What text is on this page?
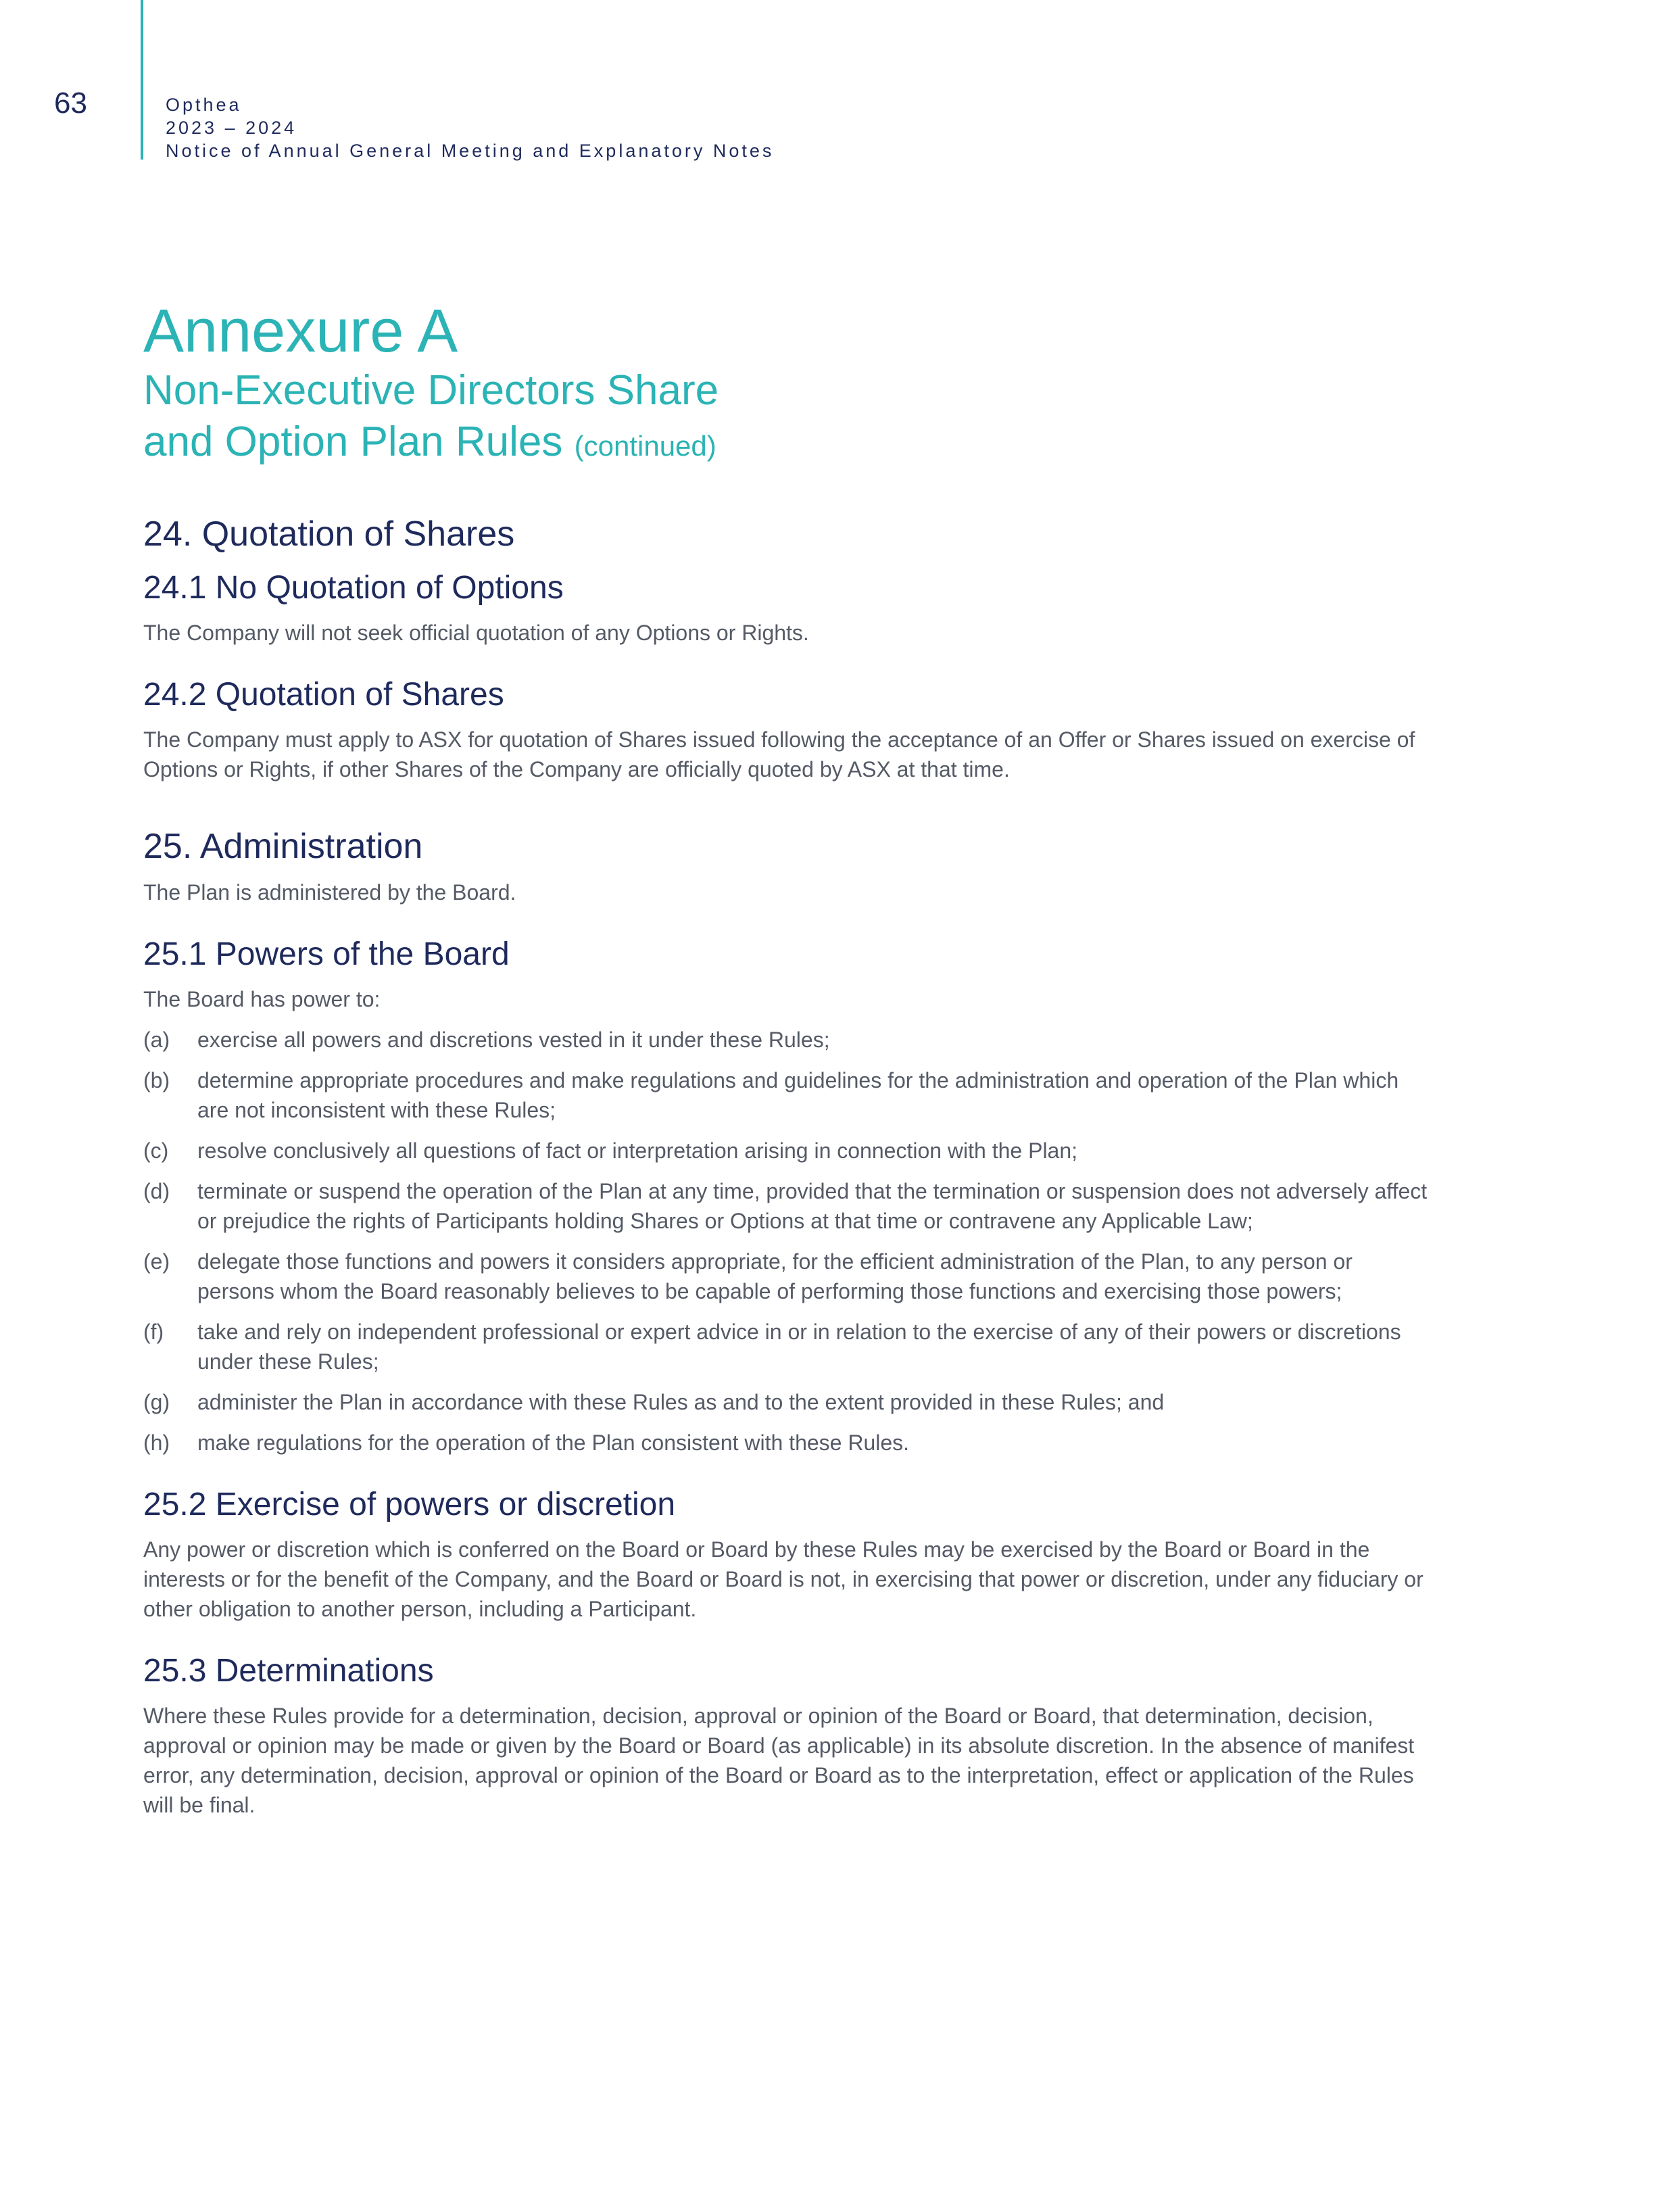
63	Opthea
2023 – 2024
Notice of Annual General Meeting and Explanatory Notes
Annexure A
Non-Executive Directors Share
and Option Plan Rules (continued)
24. Quotation of Shares
24.1 No Quotation of Options

The Company will not seek official quotation of any Options or Rights.

24.2 Quotation of Shares

The Company must apply to ASX for quotation of Shares issued following the acceptance of an Offer or Shares issued on exercise of Options or Rights, if other Shares of the Company are officially quoted by ASX at that time.

25. Administration

The Plan is administered by the Board.

25.1 Powers of the Board

The Board has power to:

(a)	exercise all powers and discretions vested in it under these Rules;
(b)	determine appropriate procedures and make regulations and guidelines for the administration and operation of the Plan which are not inconsistent with these Rules;
(c)	resolve conclusively all questions of fact or interpretation arising in connection with the Plan;
(d)	terminate or suspend the operation of the Plan at any time, provided that the termination or suspension does not adversely affect or prejudice the rights of Participants holding Shares or Options at that time or contravene any Applicable Law;
(e)	delegate those functions and powers it considers appropriate, for the efficient administration of the Plan, to any person or persons whom the Board reasonably believes to be capable of performing those functions and exercising those powers;
(f)	take and rely on independent professional or expert advice in or in relation to the exercise of any of their powers or discretions under these Rules;
(g)	administer the Plan in accordance with these Rules as and to the extent provided in these Rules; and
(h)	make regulations for the operation of the Plan consistent with these Rules.
25.2 Exercise of powers or discretion

Any power or discretion which is conferred on the Board or Board by these Rules may be exercised by the Board or Board in the interests or for the benefit of the Company, and the Board or Board is not, in exercising that power or discretion, under any fiduciary or other obligation to another person, including a Participant.

25.3 Determinations

Where these Rules provide for a determination, decision, approval or opinion of the Board or Board, that determination, decision, approval or opinion may be made or given by the Board or Board (as applicable) in its absolute discretion. In the absence of manifest error, any determination, decision, approval or opinion of the Board or Board as to the interpretation, effect or application of the Rules will be final.
